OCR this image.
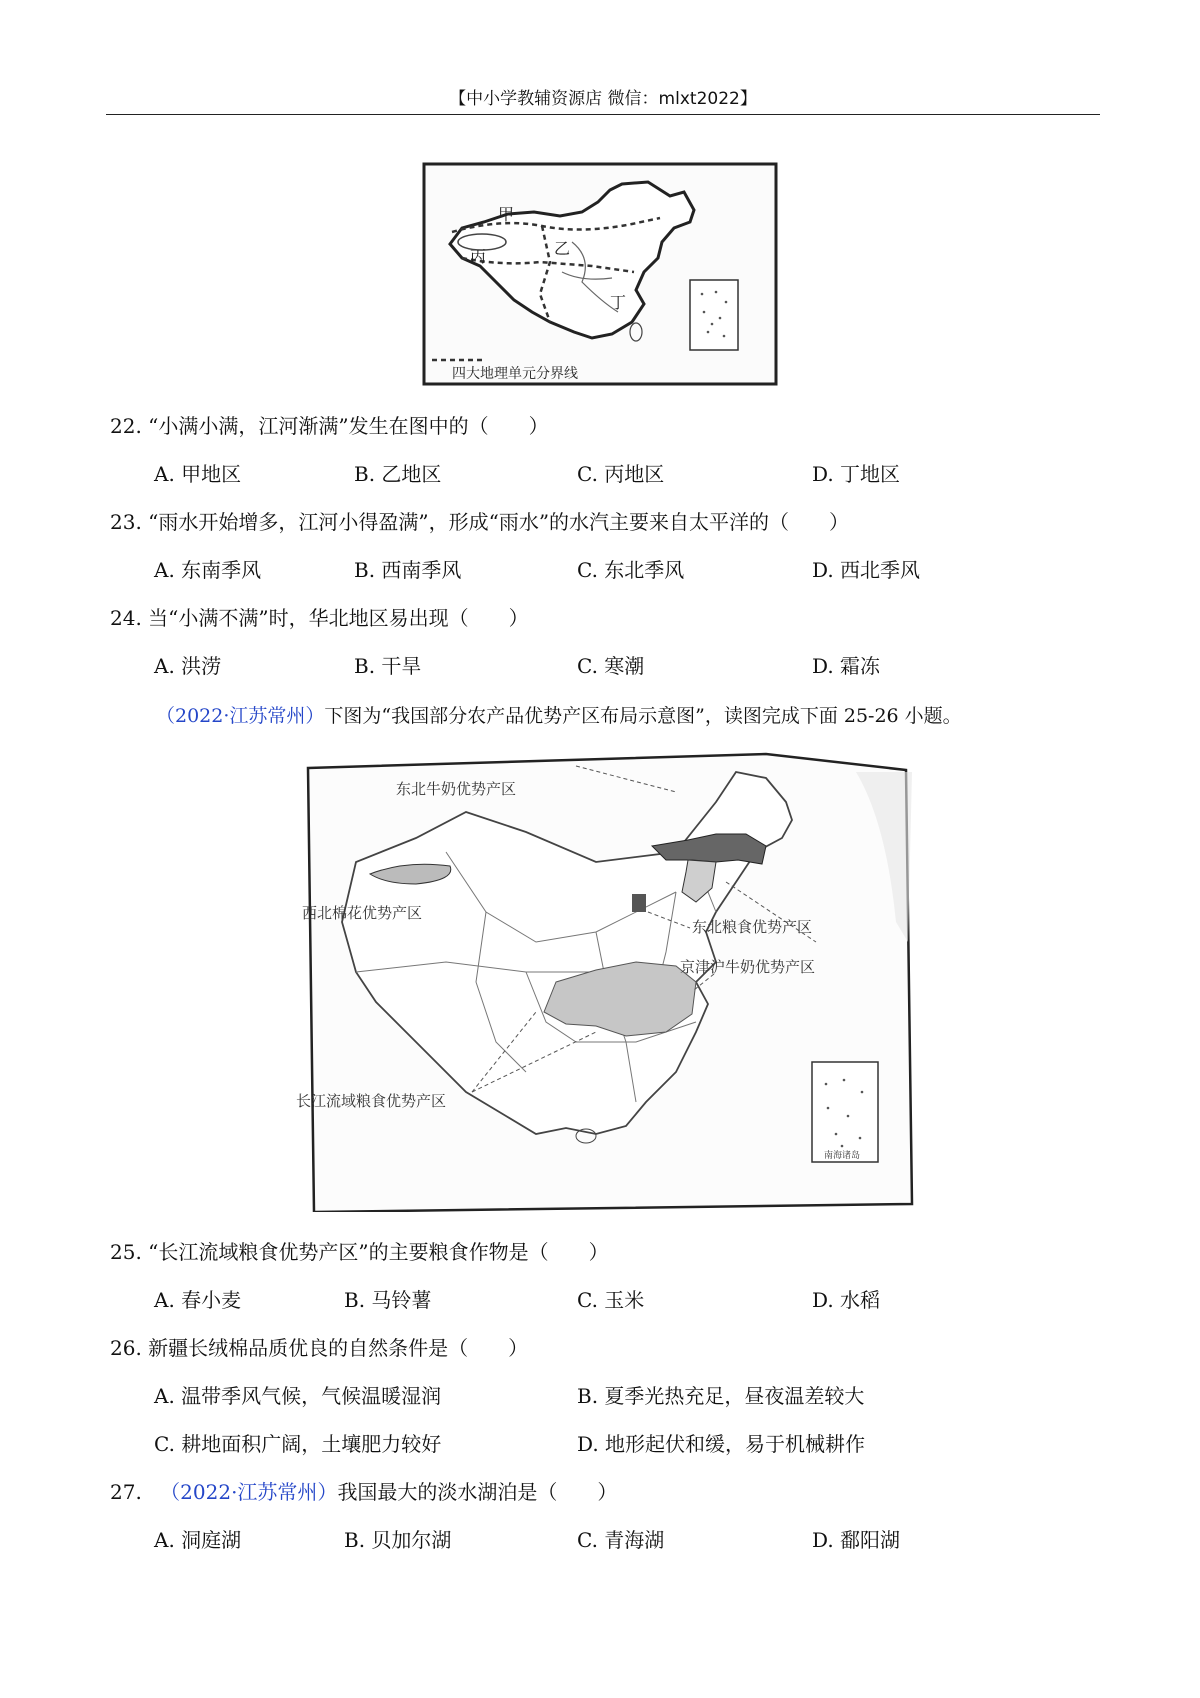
【中小学教辅资源店 微信：mlxt2022】
甲
乙
丙
丁
四大地理单元分界线
22. “小满小满，江河渐满”发生在图中的（　　）
A. 甲地区	B. 乙地区	C. 丙地区	D. 丁地区
23. “雨水开始增多，江河小得盈满”，形成“雨水”的水汽主要来自太平洋的（　　）
A. 东南季风	B. 西南季风	C. 东北季风	D. 西北季风
24. 当“小满不满”时，华北地区易出现（　　）
A. 洪涝	B. 干旱	C. 寒潮	D. 霜冻
（2022·江苏常州）下图为“我国部分农产品优势产区布局示意图”，读图完成下面 25-26 小题。
东北牛奶优势产区
西北棉花优势产区
东北粮食优势产区
京津沪牛奶优势产区
长江流域粮食优势产区
南海诸岛
25. “长江流域粮食优势产区”的主要粮食作物是（　　）
A. 春小麦	B. 马铃薯	C. 玉米	D. 水稻
26. 新疆长绒棉品质优良的自然条件是（　　）
A. 温带季风气候，气候温暖湿润	B. 夏季光热充足，昼夜温差较大
C. 耕地面积广阔，土壤肥力较好	D. 地形起伏和缓，易于机械耕作
27. （2022·江苏常州）我国最大的淡水湖泊是（　　）
A. 洞庭湖	B. 贝加尔湖	C. 青海湖	D. 鄱阳湖
